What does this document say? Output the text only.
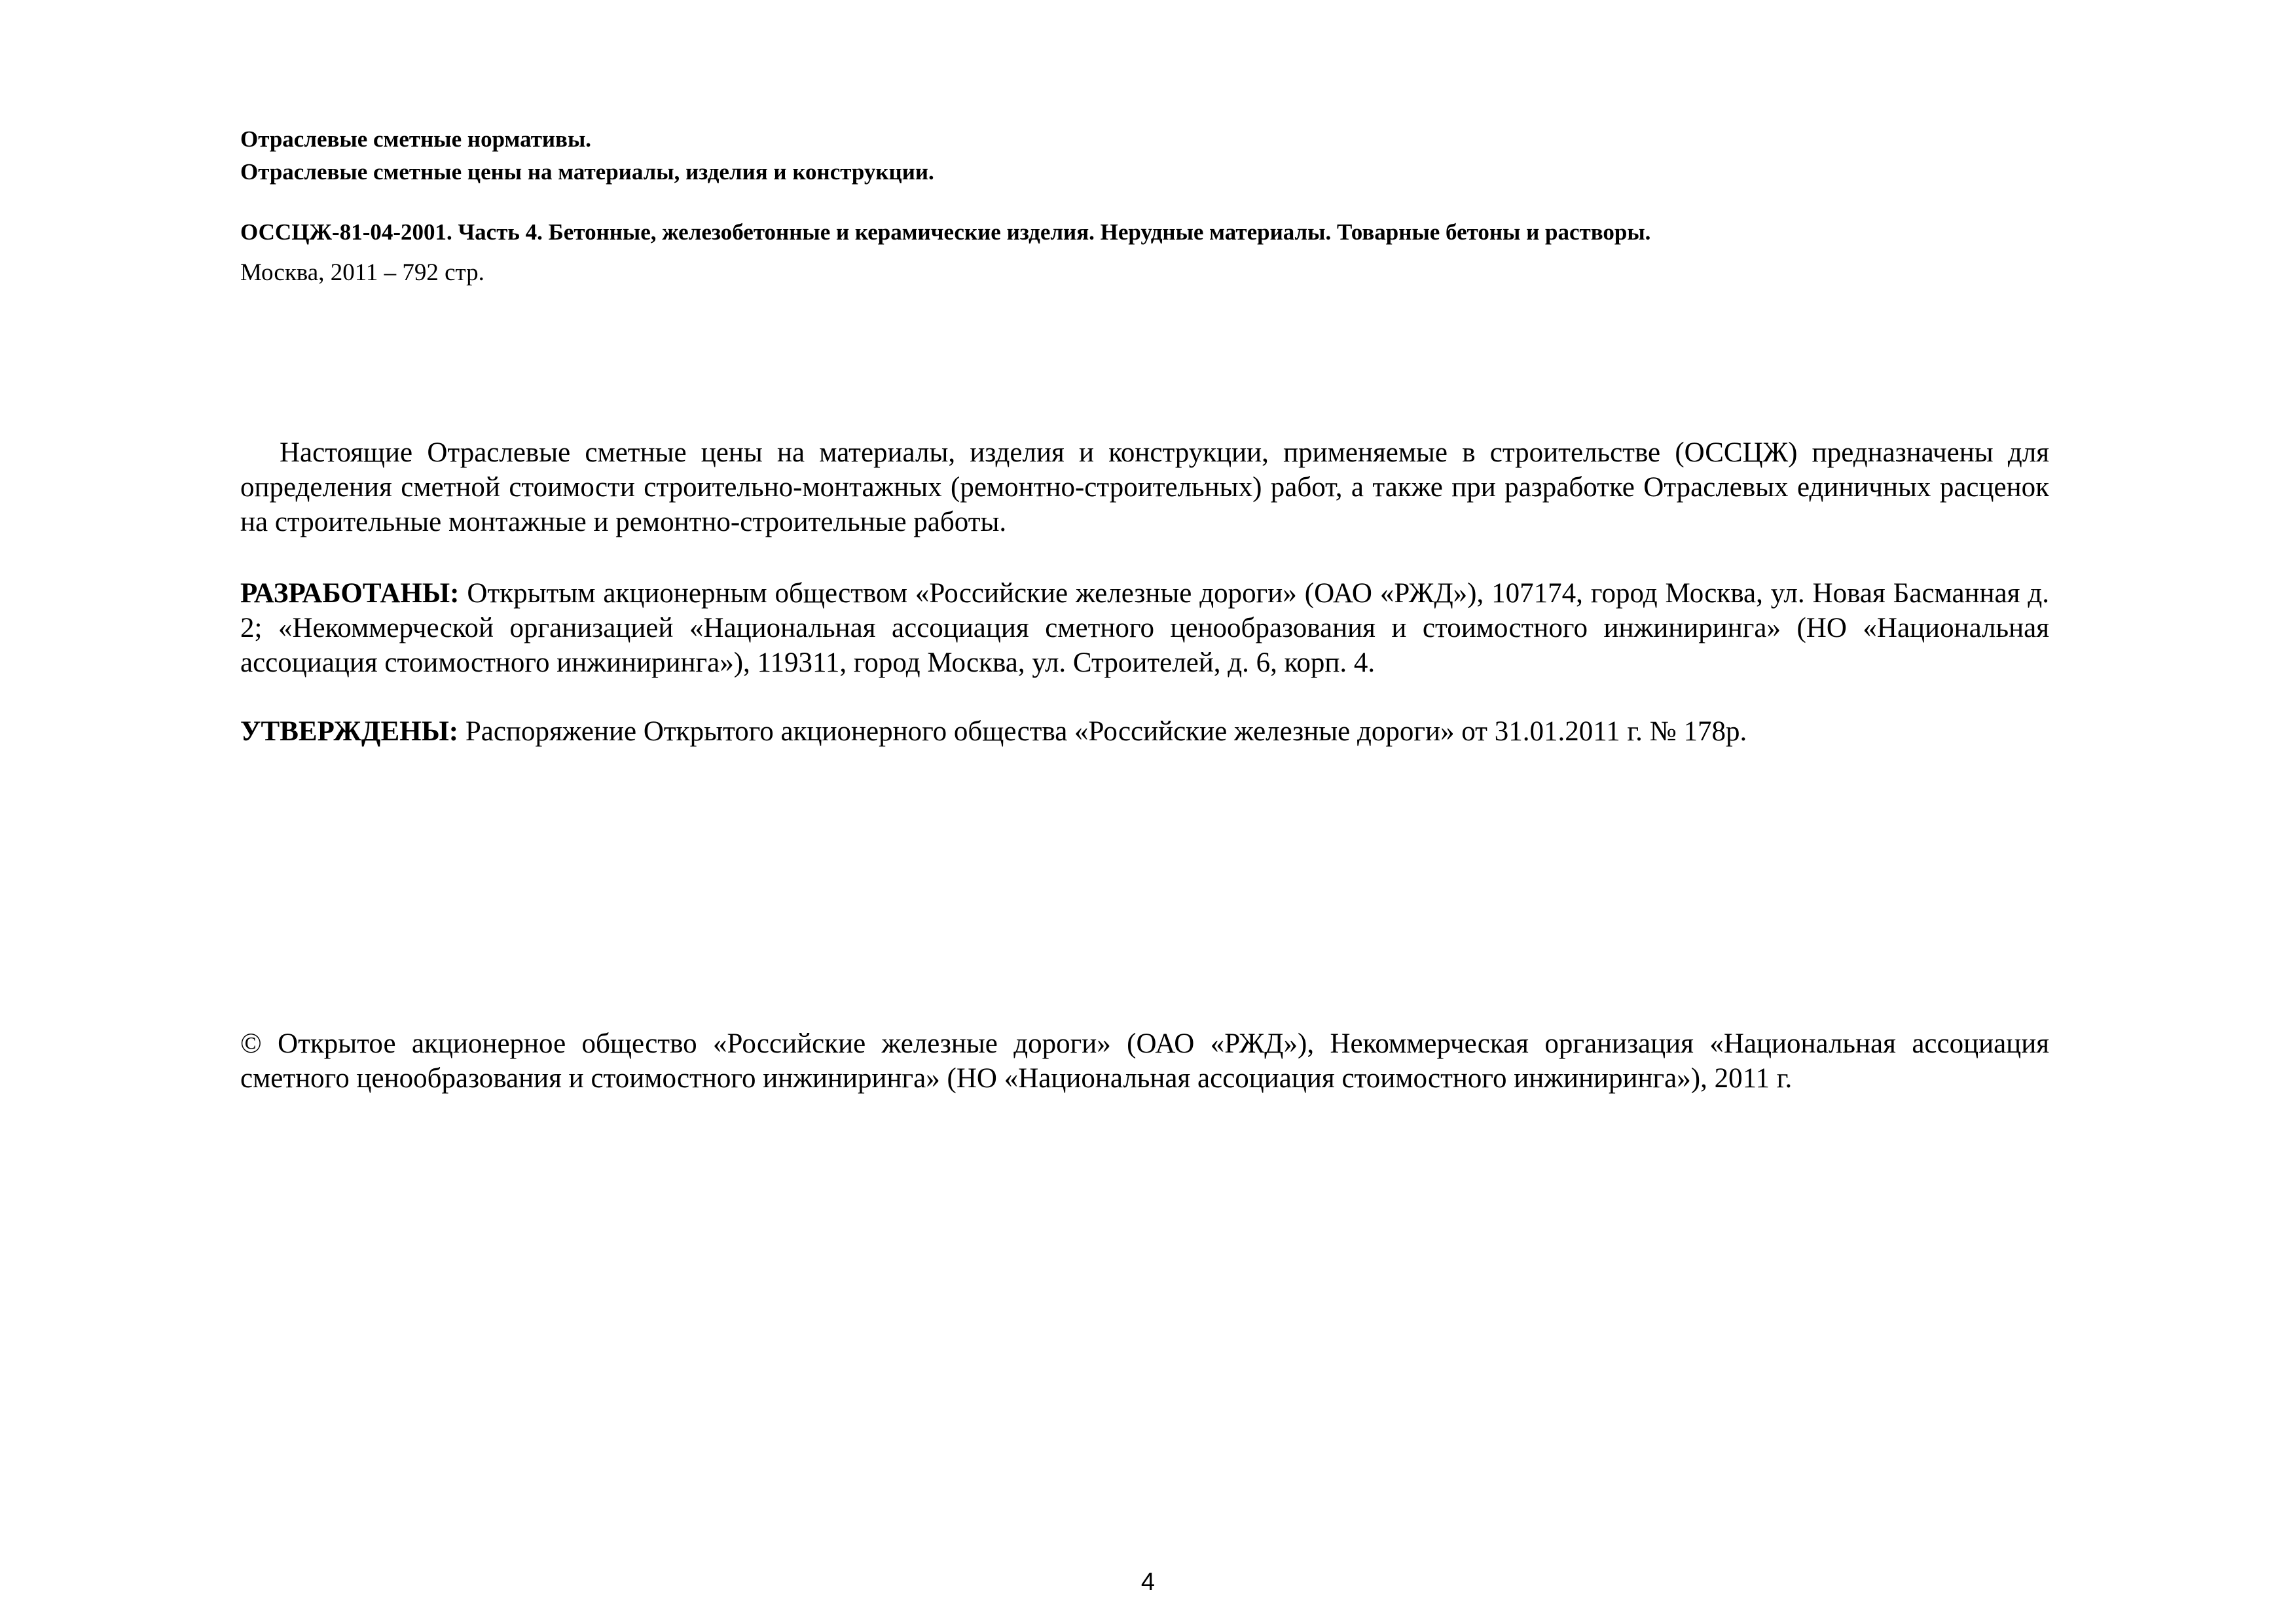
Отраслевые сметные нормативы.
Отраслевые сметные цены на материалы, изделия и конструкции.
ОССЦЖ-81-04-2001. Часть 4. Бетонные, железобетонные и керамические изделия. Нерудные материалы. Товарные бетоны и растворы.
Москва, 2011 – 792 стр.
Настоящие Отраслевые сметные цены на материалы, изделия и конструкции, применяемые в строительстве (ОССЦЖ) предназначены для определения сметной стоимости строительно-монтажных (ремонтно-строительных) работ, а также при разработке Отраслевых единичных расценок на строительные монтажные и ремонтно-строительные работы.
РАЗРАБОТАНЫ: Открытым акционерным обществом «Российские железные дороги» (ОАО «РЖД»), 107174, город Москва, ул. Новая Басманная д. 2; «Некоммерческой организацией «Национальная ассоциация сметного ценообразования и стоимостного инжиниринга» (НО «Национальная ассоциация стоимостного инжиниринга»), 119311, город Москва, ул. Строителей, д. 6, корп. 4.
УТВЕРЖДЕНЫ: Распоряжение Открытого акционерного общества «Российские железные дороги» от 31.01.2011 г. № 178р.
© Открытое акционерное общество «Российские железные дороги» (ОАО «РЖД»), Некоммерческая организация «Национальная ассоциация сметного ценообразования и стоимостного инжиниринга» (НО «Национальная ассоциация стоимостного инжиниринга»), 2011 г.
4
